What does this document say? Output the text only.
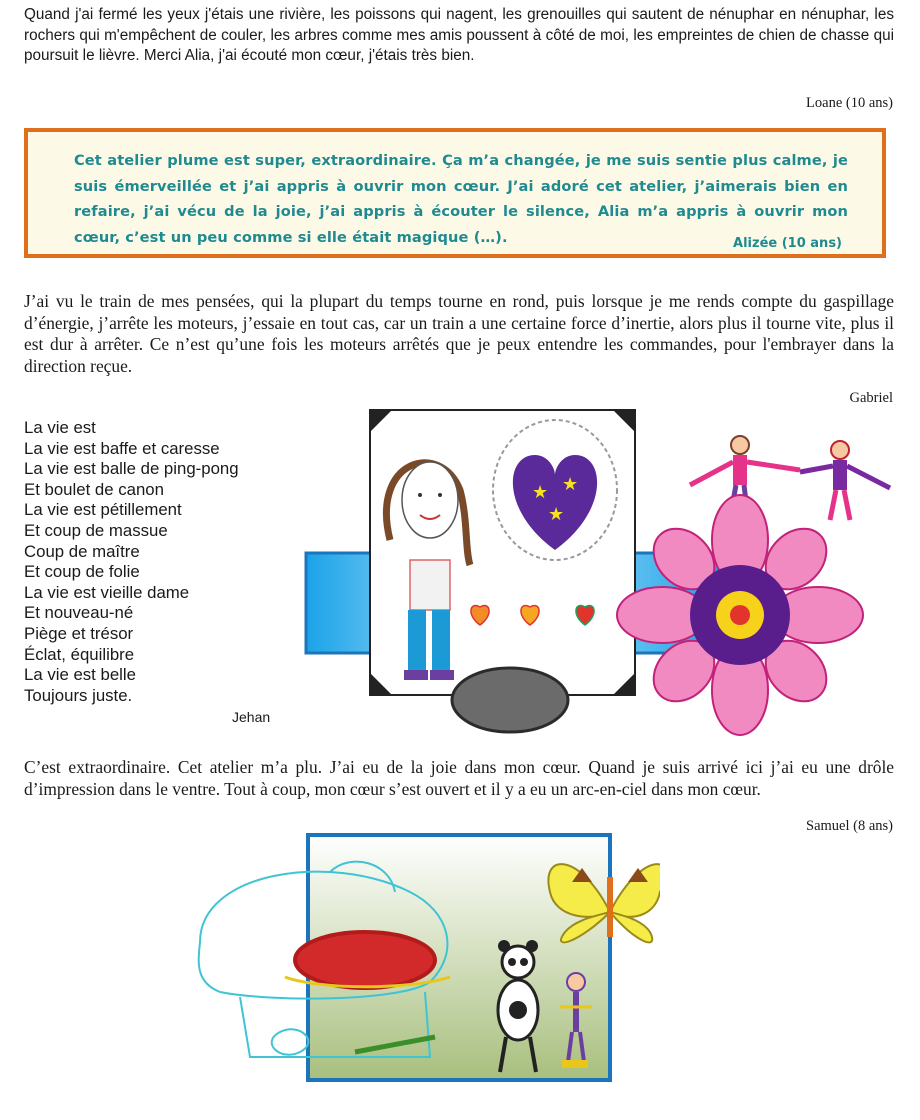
Quand j'ai fermé les yeux j'étais une rivière, les poissons qui nagent, les grenouilles qui sautent de nénuphar en nénuphar, les rochers qui m'empêchent de couler, les arbres comme mes amis poussent à côté de moi, les empreintes de chien de chasse qui poursuit le lièvre. Merci Alia, j'ai écouté mon cœur, j'étais très bien.
Loane (10 ans)
Cet atelier plume est super, extraordinaire. Ça m’a changée, je me suis sentie plus calme, je suis émerveillée et j’ai appris à ouvrir mon cœur. J’ai adoré cet atelier, j’aimerais bien en refaire, j’ai vécu de la joie, j’ai appris à écouter le silence, Alia m’a appris à ouvrir mon cœur, c’est un peu comme si elle était magique (…).	Alizée (10 ans)
J’ai vu le train de mes pensées, qui la plupart du temps tourne en rond, puis lorsque je me rends compte du gaspillage d’énergie, j’arrête les moteurs, j’essaie en tout cas, car un train a une certaine force d’inertie, alors plus il tourne vite, plus il est dur à arrêter. Ce n’est qu’une fois les moteurs arrêtés que je peux entendre les commandes, pour l'embrayer dans la direction reçue.
Gabriel
La vie est
La vie est baffe et caresse
La vie est balle de ping-pong
Et boulet de canon
La vie est pétillement
Et coup de massue
Coup de maître
Et coup de folie
La vie est vieille dame
Et nouveau-né
Piège et trésor
Éclat, équilibre
La vie est belle
Toujours juste.
Jehan
★ ★
★
C’est extraordinaire. Cet atelier m’a plu. J’ai eu de la joie dans mon cœur. Quand je suis arrivé ici j’ai eu une drôle d’impression dans le ventre. Tout à coup, mon cœur s’est ouvert et il y a eu un arc-en-ciel dans mon cœur.
Samuel (8 ans)
